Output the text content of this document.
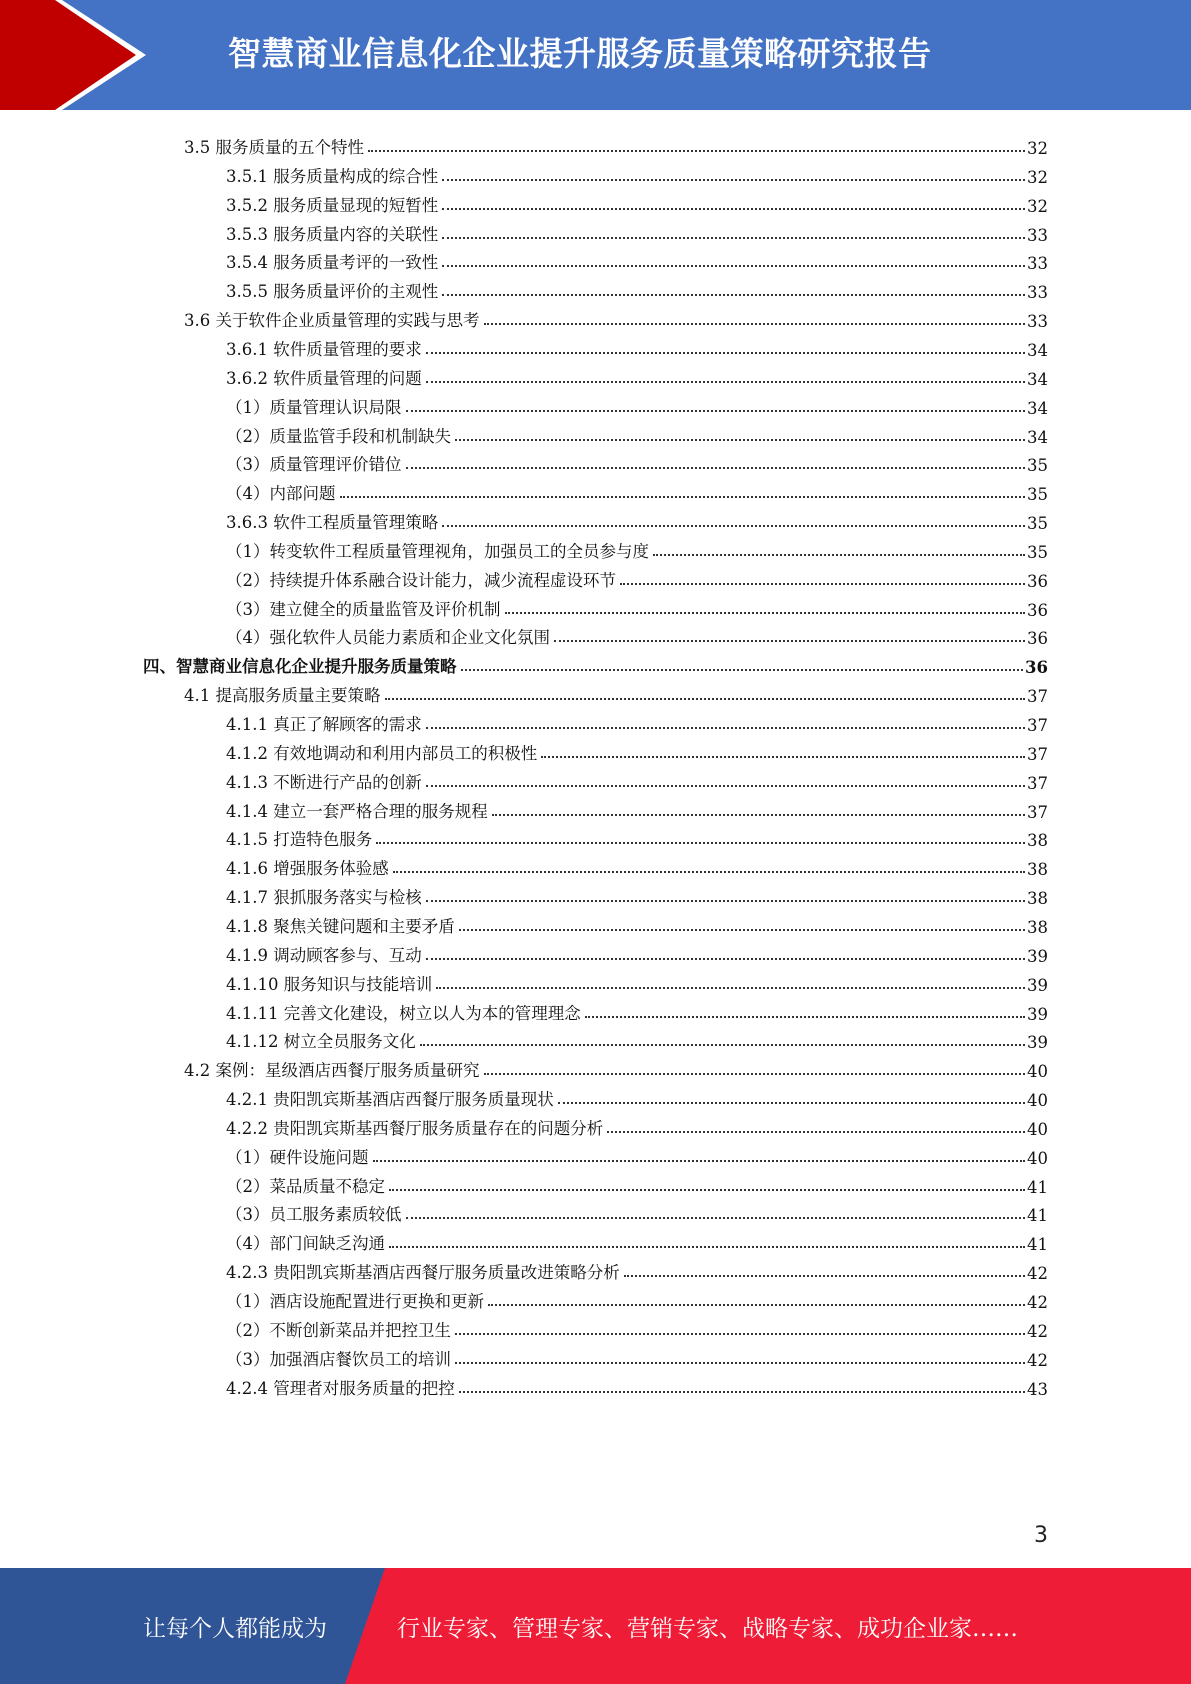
智慧商业信息化企业提升服务质量策略研究报告
3.5 服务质量的五个特性	32
3.5.1 服务质量构成的综合性	32
3.5.2 服务质量显现的短暂性	32
3.5.3 服务质量内容的关联性	33
3.5.4 服务质量考评的一致性	33
3.5.5 服务质量评价的主观性	33
3.6 关于软件企业质量管理的实践与思考	33
3.6.1 软件质量管理的要求	34
3.6.2 软件质量管理的问题	34
（1）质量管理认识局限	34
（2）质量监管手段和机制缺失	34
（3）质量管理评价错位	35
（4）内部问题	35
3.6.3 软件工程质量管理策略	35
（1）转变软件工程质量管理视角，加强员工的全员参与度	35
（2）持续提升体系融合设计能力，减少流程虚设环节	36
（3）建立健全的质量监管及评价机制	36
（4）强化软件人员能力素质和企业文化氛围	36
四、智慧商业信息化企业提升服务质量策略	36
4.1 提高服务质量主要策略	37
4.1.1 真正了解顾客的需求	37
4.1.2 有效地调动和利用内部员工的积极性	37
4.1.3 不断进行产品的创新	37
4.1.4 建立一套严格合理的服务规程	37
4.1.5 打造特色服务	38
4.1.6 增强服务体验感	38
4.1.7 狠抓服务落实与检核	38
4.1.8 聚焦关键问题和主要矛盾	38
4.1.9 调动顾客参与、互动	39
4.1.10 服务知识与技能培训	39
4.1.11 完善文化建设，树立以人为本的管理理念	39
4.1.12 树立全员服务文化	39
4.2 案例：星级酒店西餐厅服务质量研究	40
4.2.1 贵阳凯宾斯基酒店西餐厅服务质量现状	40
4.2.2 贵阳凯宾斯基西餐厅服务质量存在的问题分析	40
（1）硬件设施问题	40
（2）菜品质量不稳定	41
（3）员工服务素质较低	41
（4）部门间缺乏沟通	41
4.2.3 贵阳凯宾斯基酒店西餐厅服务质量改进策略分析	42
（1）酒店设施配置进行更换和更新	42
（2）不断创新菜品并把控卫生	42
（3）加强酒店餐饮员工的培训	42
4.2.4 管理者对服务质量的把控	43
3
让每个人都能成为	行业专家、管理专家、营销专家、战略专家、成功企业家……
